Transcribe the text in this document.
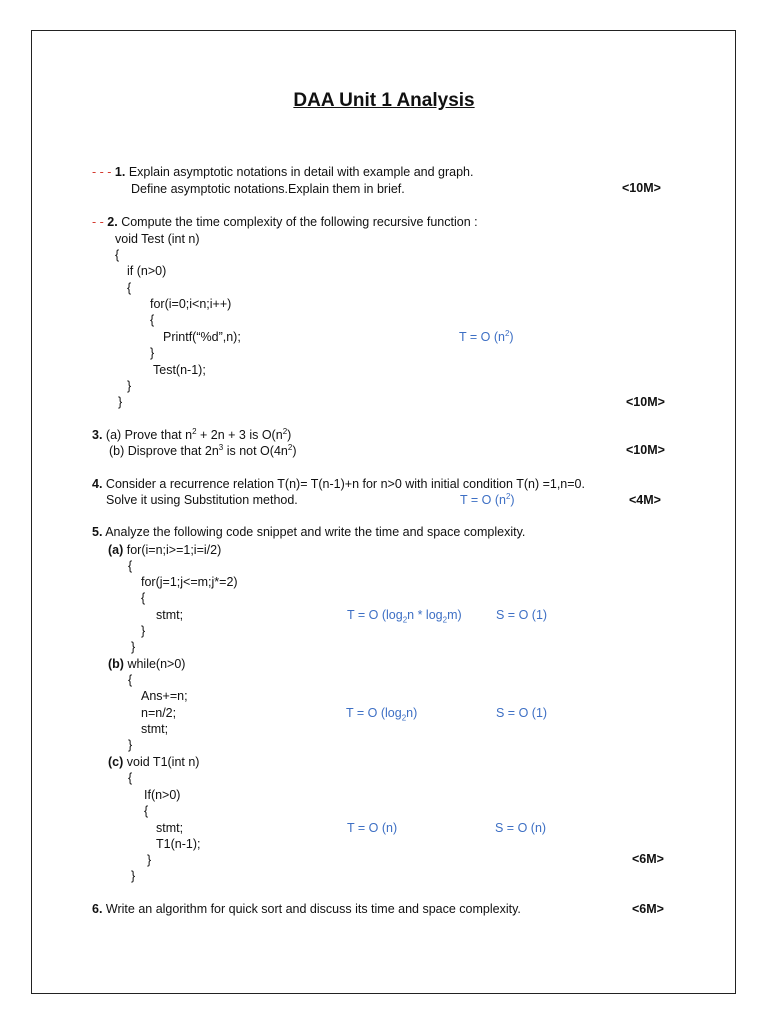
DAA Unit 1 Analysis
- - - 1. Explain asymptotic notations in detail with example and graph.
Define asymptotic notations.Explain them in brief.	<10M>
- - 2. Compute the time complexity of the following recursive function :
void Test (int n)
{
if (n>0)
{
for(i=0;i<n;i++)
{
Printf(“%d”,n);
}
Test(n-1);
}
}
T = O $(n^2)$
<10M>
3. (a) Prove that $n^2 + 2n + 3$ is $O(n^2)$
(b) Disprove that $2n^3$ is not $O(4n^2)$	<10M>
4. Consider a recurrence relation T(n)= T(n-1)+n for n>0 with initial condition T(n) =1,n=0.
Solve it using Substitution method.	T = O $(n^2)$	<4M>
5. Analyze the following code snippet and write the time and space complexity.
(a) for(i=n;i>=1;i=i/2)
{
for(j=1;j<=m;j*=2)
{
stmt;
}
}
T = O $(\log_2n * \log_2m)$	S = O (1)
(b) while(n>0)
{
Ans+=n;
n=n/2;
stmt;
}
T = O $(\log_2n)$	S = O (1)
(c) void T1(int n)
{
If(n>0)
{
stmt;
T1(n-1);
}
}
T = O (n)	S = O (n)
<6M>
6. Write an algorithm for quick sort and discuss its time and space complexity.	<6M>
